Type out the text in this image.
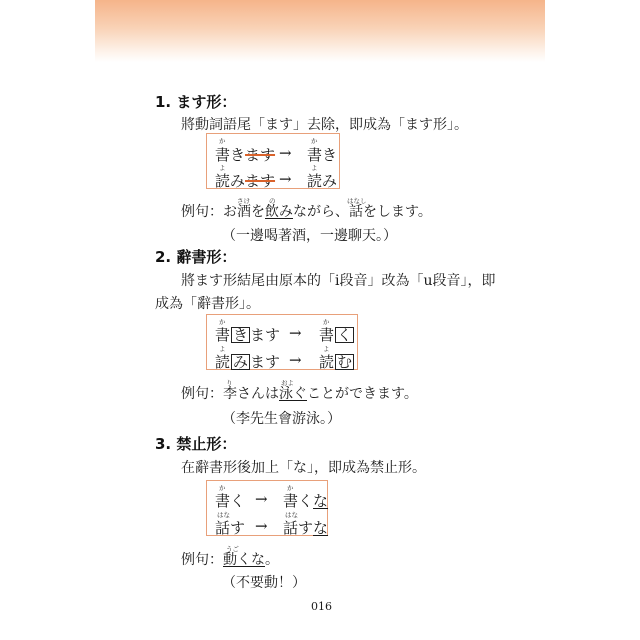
1. ます形：
將動詞語尾「ます」去除，即成為「ます形」。
か
書きます →
か
書き
よ
読みます →
よ
読み
例句：お
さけ
酒を
の
飲みながら、
はなし
話をします。
（一邊喝著酒，一邊聊天。）
2. 辭書形：
將ます形結尾由原本的「i段音」改為「u段音」，即
成為「辭書形」。
か
書 き ます →
か
書 く
よ
読 み ます →
よ
読 む
例句：
り
李さんは
およ
泳ぐことができます。
（李先生會游泳。）
3. 禁止形：
在辭書形後加上「な」，即成為禁止形。
か
書く →
か
書くな
はな
話す →
はな
話すな
例句：
うご
動くな。
（不要動！）
016
